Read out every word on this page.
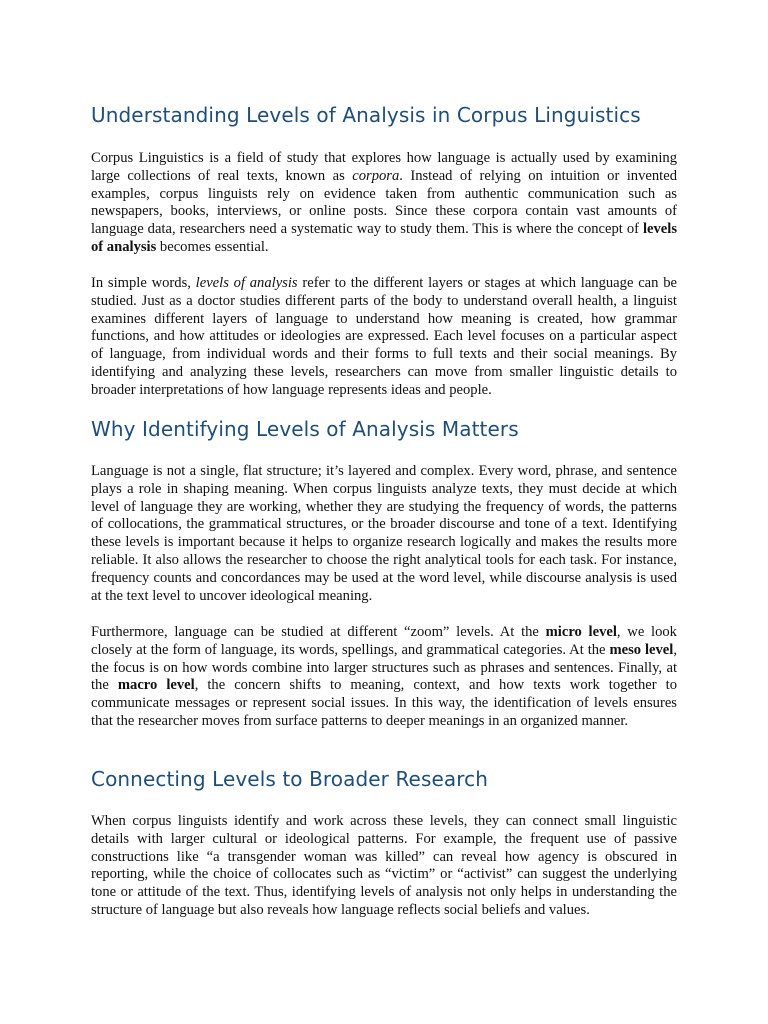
Understanding Levels of Analysis in Corpus Linguistics

Corpus Linguistics is a field of study that explores how language is actually used by examining large collections of real texts, known as corpora. Instead of relying on intuition or invented examples, corpus linguists rely on evidence taken from authentic communication such as newspapers, books, interviews, or online posts. Since these corpora contain vast amounts of language data, researchers need a systematic way to study them. This is where the concept of levels of analysis becomes essential.

In simple words, levels of analysis refer to the different layers or stages at which language can be studied. Just as a doctor studies different parts of the body to understand overall health, a linguist examines different layers of language to understand how meaning is created, how grammar functions, and how attitudes or ideologies are expressed. Each level focuses on a particular aspect of language, from individual words and their forms to full texts and their social meanings. By identifying and analyzing these levels, researchers can move from smaller linguistic details to broader interpretations of how language represents ideas and people.

Why Identifying Levels of Analysis Matters

Language is not a single, flat structure; it’s layered and complex. Every word, phrase, and sentence plays a role in shaping meaning. When corpus linguists analyze texts, they must decide at which level of language they are working, whether they are studying the frequency of words, the patterns of collocations, the grammatical structures, or the broader discourse and tone of a text. Identifying these levels is important because it helps to organize research logically and makes the results more reliable. It also allows the researcher to choose the right analytical tools for each task. For instance, frequency counts and concordances may be used at the word level, while discourse analysis is used at the text level to uncover ideological meaning.

Furthermore, language can be studied at different “zoom” levels. At the micro level, we look closely at the form of language, its words, spellings, and grammatical categories. At the meso level, the focus is on how words combine into larger structures such as phrases and sentences. Finally, at the macro level, the concern shifts to meaning, context, and how texts work together to communicate messages or represent social issues. In this way, the identification of levels ensures that the researcher moves from surface patterns to deeper meanings in an organized manner.

Connecting Levels to Broader Research

When corpus linguists identify and work across these levels, they can connect small linguistic details with larger cultural or ideological patterns. For example, the frequent use of passive constructions like “a transgender woman was killed” can reveal how agency is obscured in reporting, while the choice of collocates such as “victim” or “activist” can suggest the underlying tone or attitude of the text. Thus, identifying levels of analysis not only helps in understanding the structure of language but also reveals how language reflects social beliefs and values.
